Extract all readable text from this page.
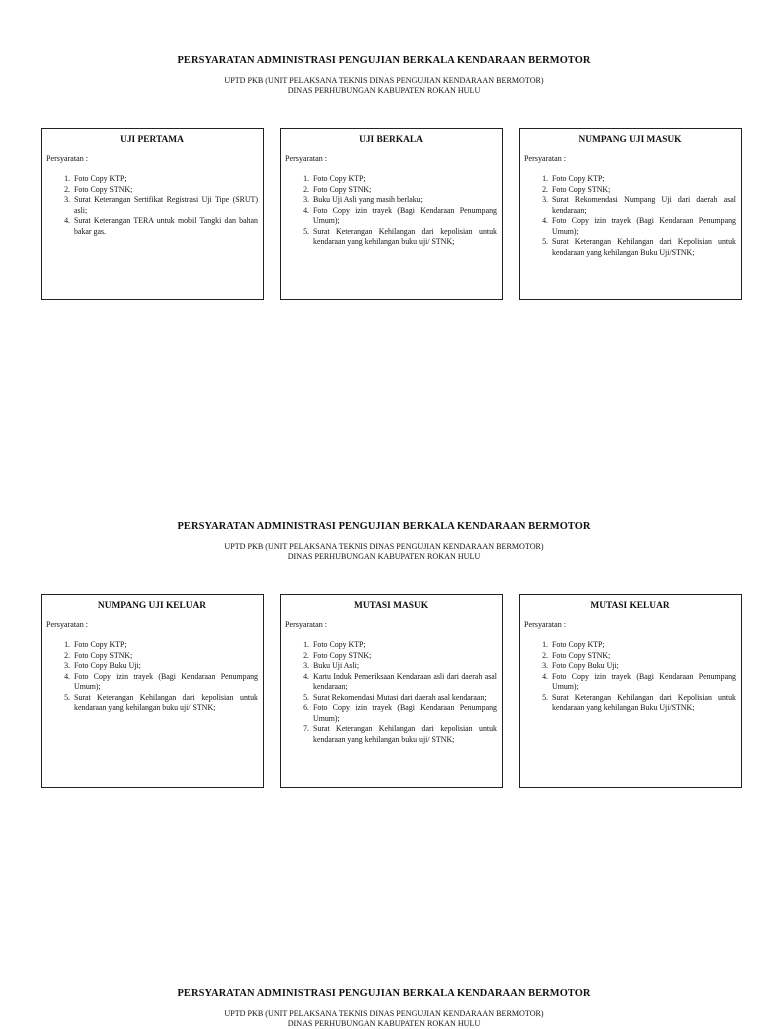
PERSYARATAN ADMINISTRASI PENGUJIAN BERKALA KENDARAAN BERMOTOR
UPTD PKB (UNIT PELAKSANA TEKNIS DINAS PENGUJIAN KENDARAAN BERMOTOR)
DINAS PERHUBUNGAN KABUPATEN ROKAN HULU
UJI PERTAMA
Persyaratan :
1. Foto Copy KTP;
2. Foto Copy STNK;
3. Surat Keterangan Sertifikat Registrasi Uji Tipe (SRUT) asli;
4. Surat Keterangan TERA untuk mobil Tangki dan bahan bakar gas.
UJI BERKALA
Persyaratan :
1. Foto Copy KTP;
2. Foto Copy STNK;
3. Buku Uji Asli yang masih berlaku;
4. Foto Copy izin trayek (Bagi Kendaraan Penumpang Umum);
5. Surat Keterangan Kehilangan dari kepolisian untuk kendaraan yang kehilangan buku uji/ STNK;
NUMPANG UJI MASUK
Persyaratan :
1. Foto Copy KTP;
2. Foto Copy STNK;
3. Surat Rekomendasi Numpang Uji dari daerah asal kendaraan;
4. Foto Copy izin trayek (Bagi Kendaraan Penumpang Umum);
5. Surat Keterangan Kehilangan dari Kepolisian untuk kendaraan yang kehilangan Buku Uji/STNK;
PERSYARATAN ADMINISTRASI PENGUJIAN BERKALA KENDARAAN BERMOTOR
UPTD PKB (UNIT PELAKSANA TEKNIS DINAS PENGUJIAN KENDARAAN BERMOTOR)
DINAS PERHUBUNGAN KABUPATEN ROKAN HULU
NUMPANG UJI KELUAR
Persyaratan :
1. Foto Copy KTP;
2. Foto Copy STNK;
3. Foto Copy Buku Uji;
4. Foto Copy izin trayek (Bagi Kendaraan Penumpang Umum);
5. Surat Keterangan Kehilangan dari kepolisian untuk kendaraan yang kehilangan buku uji/ STNK;
MUTASI MASUK
Persyaratan :
1. Foto Copy KTP;
2. Foto Copy STNK;
3. Buku Uji Asli;
4. Kartu Induk Pemeriksaan Kendaraan asli dari daerah asal kendaraan;
5. Surat Rekomendasi Mutasi dari daerah asal kendaraan;
6. Foto Copy izin trayek (Bagi Kendaraan Penumpang Umum);
7. Surat Keterangan Kehilangan dari kepolisian untuk kendaraan yang kehilangan buku uji/ STNK;
MUTASI KELUAR
Persyaratan :
1. Foto Copy KTP;
2. Foto Copy STNK;
3. Foto Copy Buku Uji;
4. Foto Copy izin trayek (Bagi Kendaraan Penumpang Umum);
5. Surat Keterangan Kehilangan dari Kepolisian untuk kendaraan yang kehilangan Buku Uji/STNK;
PERSYARATAN ADMINISTRASI PENGUJIAN BERKALA KENDARAAN BERMOTOR
UPTD PKB (UNIT PELAKSANA TEKNIS DINAS PENGUJIAN KENDARAAN BERMOTOR)
DINAS PERHUBUNGAN KABUPATEN ROKAN HULU
